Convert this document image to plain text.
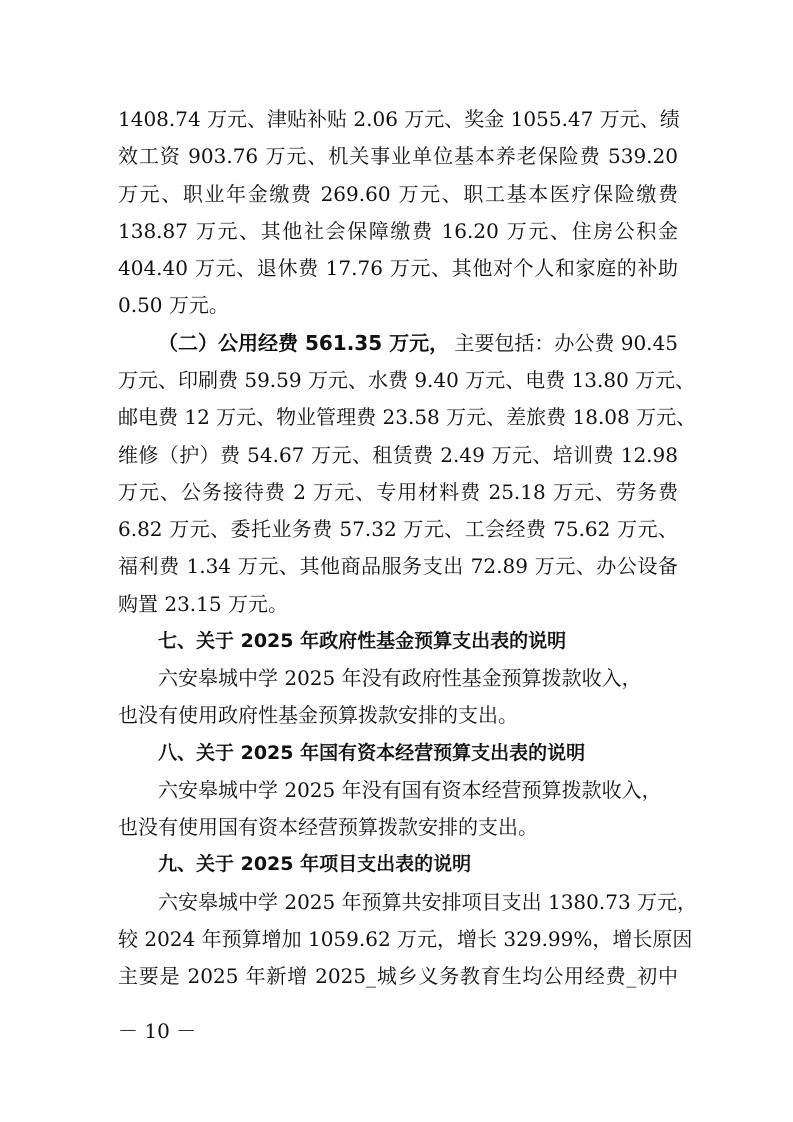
1408.74 万元、津贴补贴 2.06 万元、奖金 1055.47 万元、绩
效工资 903.76 万元、机关事业单位基本养老保险费 539.20
万元、职业年金缴费 269.60 万元、职工基本医疗保险缴费
138.87 万元、其他社会保障缴费 16.20 万元、住房公积金
404.40 万元、退休费 17.76 万元、其他对个人和家庭的补助
0.50 万元。
（二）公用经费 561.35 万元， 主要包括：办公费 90.45
万元、印刷费 59.59 万元、水费 9.40 万元、电费 13.80 万元、
邮电费 12 万元、物业管理费 23.58 万元、差旅费 18.08 万元、
维修（护）费 54.67 万元、租赁费 2.49 万元、培训费 12.98
万元、公务接待费 2 万元、专用材料费 25.18 万元、劳务费
6.82 万元、委托业务费 57.32 万元、工会经费 75.62 万元、
福利费 1.34 万元、其他商品服务支出 72.89 万元、办公设备
购置 23.15 万元。
七、关于 2025 年政府性基金预算支出表的说明
六安皋城中学 2025 年没有政府性基金预算拨款收入，
也没有使用政府性基金预算拨款安排的支出。
八、关于 2025 年国有资本经营预算支出表的说明
六安皋城中学 2025 年没有国有资本经营预算拨款收入，
也没有使用国有资本经营预算拨款安排的支出。
九、关于 2025 年项目支出表的说明
六安皋城中学 2025 年预算共安排项目支出 1380.73 万元，
较 2024 年预算增加 1059.62 万元，增长 329.99%，增长原因
主要是 2025 年新增 2025_城乡义务教育生均公用经费_初中
－ 10 －
